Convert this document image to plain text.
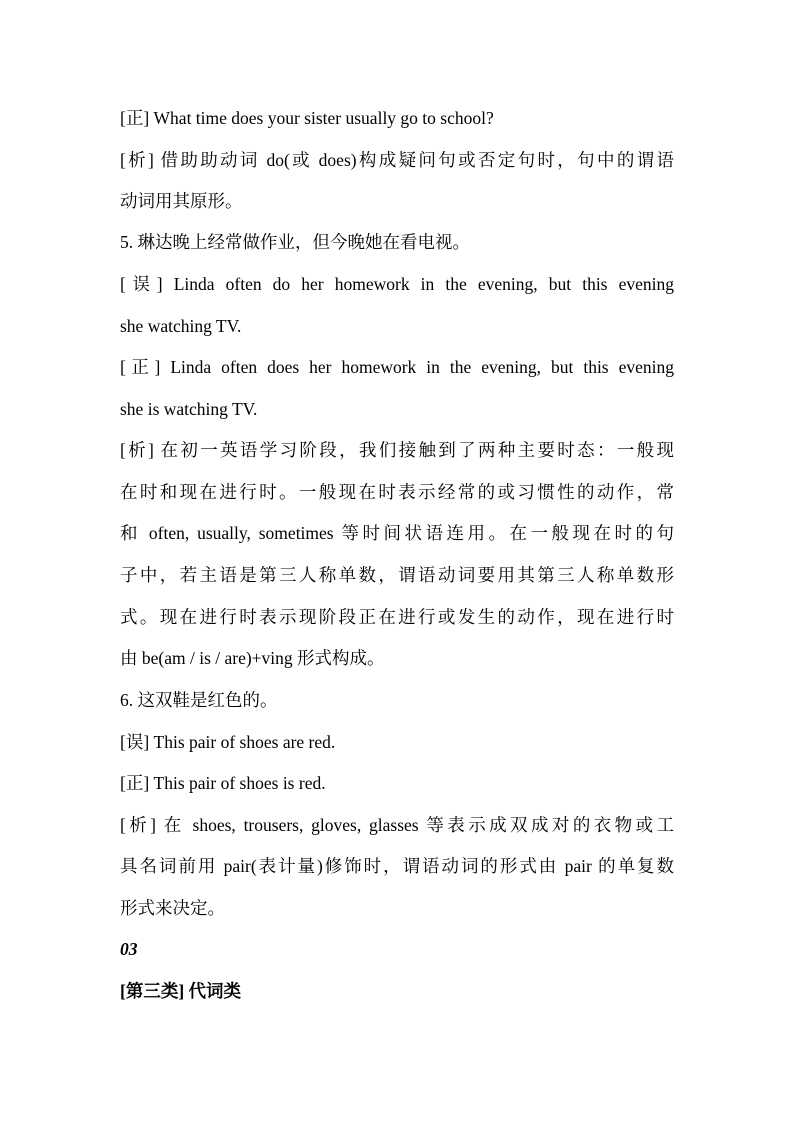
[正] What time does your sister usually go to school?
[析] 借助助动词 do(或 does)构成疑问句或否定句时，句中的谓语
动词用其原形。
5. 琳达晚上经常做作业，但今晚她在看电视。
[误] Linda often do her homework in the evening, but this evening
she watching TV.
[正] Linda often does her homework in the evening, but this evening
she is watching TV.
[析] 在初一英语学习阶段，我们接触到了两种主要时态：一般现
在时和现在进行时。一般现在时表示经常的或习惯性的动作，常
和 often, usually, sometimes 等时间状语连用。在一般现在时的句
子中，若主语是第三人称单数，谓语动词要用其第三人称单数形
式。现在进行时表示现阶段正在进行或发生的动作，现在进行时
由 be(am / is / are)+ving 形式构成。
6. 这双鞋是红色的。
[误] This pair of shoes are red.
[正] This pair of shoes is red.
[析] 在 shoes, trousers, gloves, glasses 等表示成双成对的衣物或工
具名词前用 pair(表计量)修饰时，谓语动词的形式由 pair 的单复数
形式来决定。
03
[第三类] 代词类
